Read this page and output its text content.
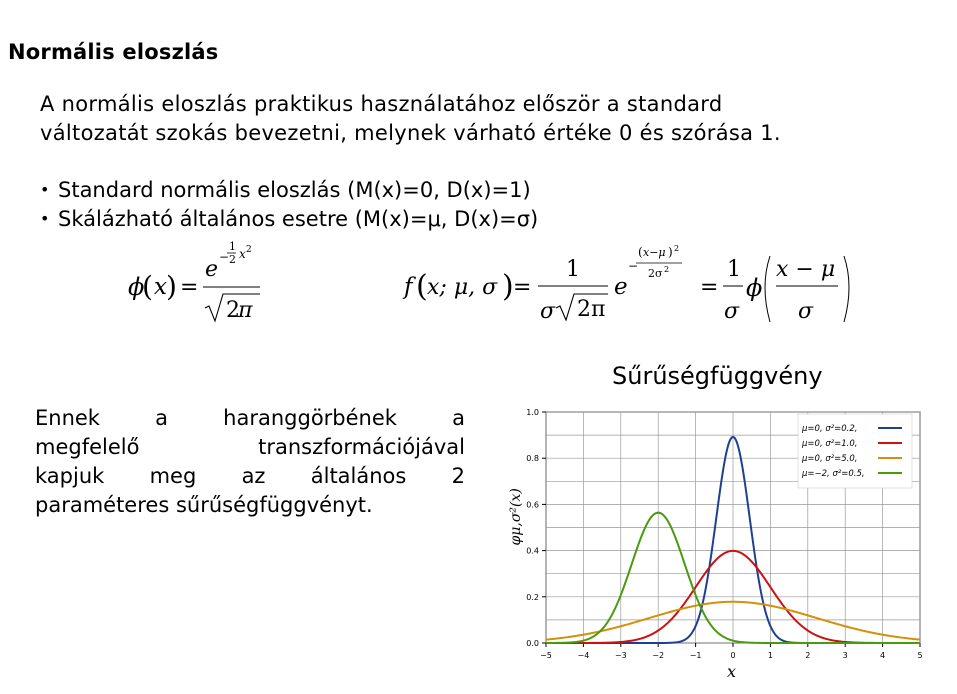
Normális eloszlás
A normális eloszlás praktikus használatához először a standard
változatát szokás bevezetni, melynek várható értéke 0 és szórása 1.
• Standard normális eloszlás (M(x)=0, D(x)=1)
• Skálázható általános esetre (M(x)=μ, D(x)=σ)
ϕ
( x ) =
e −
1
2 x 2
2
π
f ( x; μ, σ ) =
1
σ 2π
e
−
( x−μ ) 2
2σ 2
=
1
σ
ϕ
x − μ
σ
Ennek a haranggörbének a
megfelelő transzformációjával
kapjuk meg az általános 2
paraméteres sűrűségfüggvényt.
Sűrűségfüggvény
−5	−4	−3	−2	−1	0	1	2	3	4	5
0.0
0.2
0.4
0.6
0.8
1.0
x
φμ,σ²(x)
μ=0, σ²=0.2,
μ=0, σ²=1.0,
μ=0, σ²=5.0,
μ=−2, σ²=0.5,
